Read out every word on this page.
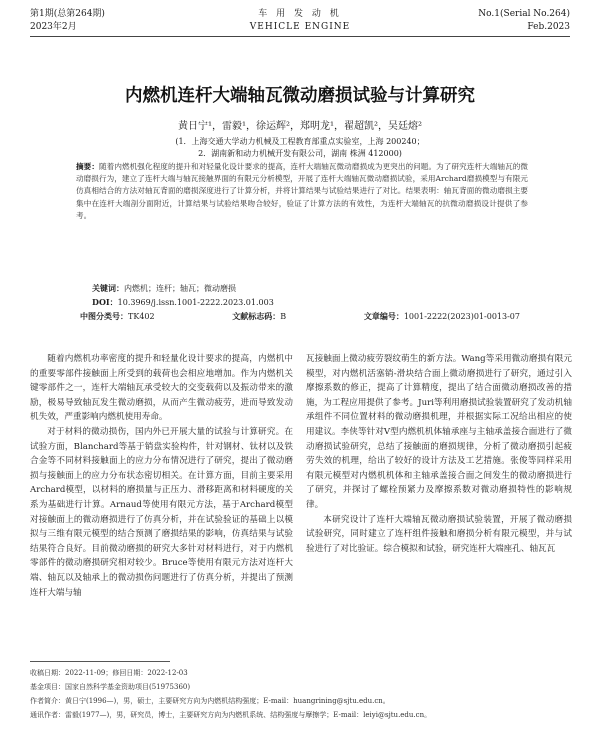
第1期(总第264期)
2023年2月
车 用 发 动 机
VEHICLE ENGINE
No.1(Serial No.264)
Feb.2023
内燃机连杆大端轴瓦微动磨损试验与计算研究
黄日宁¹，雷毅¹，徐运辉²，郑明龙¹，翟超凯²，吴廷熔²
(1．上海交通大学动力机械及工程教育部重点实验室，上海 200240；
2．湖南新和动力机械开发有限公司，湖南 株洲 412000)
摘要：随着内燃机强化程度的提升和对轻量化设计要求的提高，连杆大端轴瓦微动磨损成为更突出的问题。为了研究连杆大端轴瓦的微动磨损行为，建立了连杆大端与轴瓦接触界面的有限元分析模型，开展了连杆大端轴瓦微动磨损试验，采用Archard磨损模型与有限元仿真相结合的方法对轴瓦背面的磨损深度进行了计算分析，并将计算结果与试验结果进行了对比。结果表明：轴瓦背面的微动磨损主要集中在连杆大端剖分面附近，计算结果与试验结果吻合较好，验证了计算方法的有效性，为连杆大端轴瓦的抗微动磨损设计提供了参考。
关键词：内燃机；连杆；轴瓦；微动磨损
DOI：10.3969/j.issn.1001-2222.2023.01.003
中图分类号：TK402	文献标志码：B	文章编号：1001-2222(2023)01-0013-07

随着内燃机功率密度的提升和轻量化设计要求的提高，内燃机中的重要零部件接触面上所受到的载荷也会相应地增加。作为内燃机关键零部件之一，连杆大端轴瓦承受较大的交变载荷以及振动带来的激励，极易导致轴瓦发生微动磨损，从而产生微动疲劳，进而导致发动机失效，严重影响内燃机使用寿命。

对于材料的微动损伤，国内外已开展大量的试验与计算研究。在试验方面，Blanchard等基于销盘实验构件，针对钢材、钛材以及铁合金等不同材料接触面上的应力分布情况进行了研究，提出了微动磨损与接触面上的应力分布状态密切相关。在计算方面，目前主要采用Archard模型，以材料的磨损量与正压力、滑移距离和材料硬度的关系为基础进行计算。Arnaud等使用有限元方法，基于Archard模型对接触面上的微动磨损进行了仿真分析，并在试验验证的基础上以模拟与三维有限元模型的结合预测了磨损结果的影响，仿真结果与试验结果符合良好。目前微动磨损的研究大多针对材料进行，对于内燃机零部件的微动磨损研究相对较少。Bruce等使用有限元方法对连杆大端、轴瓦以及轴承上的微动损伤问题进行了仿真分析，并提出了预测连杆大端与轴

瓦接触面上微动疲劳裂纹萌生的新方法。Wang等采用微动磨损有限元模型，对内燃机活塞销-滑块结合面上微动磨损进行了研究，通过引入摩擦系数的修正，提高了计算精度，提出了结合面微动磨损改善的措施，为工程应用提供了参考。Juri等利用磨损试验装置研究了发动机轴承组件不同位置材料的微动磨损机理，并根据实际工况给出相应的使用建议。李侠等针对V型内燃机机体轴承座与主轴承盖接合面进行了微动磨损试验研究，总结了接触面的磨损规律，分析了微动磨损引起疲劳失效的机理，给出了较好的设计方法及工艺措施。张俊等同样采用有限元模型对内燃机机体和主轴承盖接合面之间发生的微动磨损进行了研究，并探讨了螺栓预紧力及摩擦系数对微动磨损特性的影响规律。

本研究设计了连杆大端轴瓦微动磨损试验装置，开展了微动磨损试验研究，同时建立了连杆组件接触和磨损分析有限元模型，并与试验进行了对比验证。综合模拟和试验，研究连杆大端座孔、轴瓦瓦

收稿日期：2022-11-09；修回日期：2022-12-03
基金项目：国家自然科学基金资助项目(51975360)
作者简介：黄日宁(1996—)，男，硕士，主要研究方向为内燃机结构强度；E-mail：huangrining@sjtu.edu.cn。
通讯作者：雷毅(1977—)，男，研究员，博士，主要研究方向为内燃机系统、结构强度与摩擦学；E-mail：leiyi@sjtu.edu.cn。
